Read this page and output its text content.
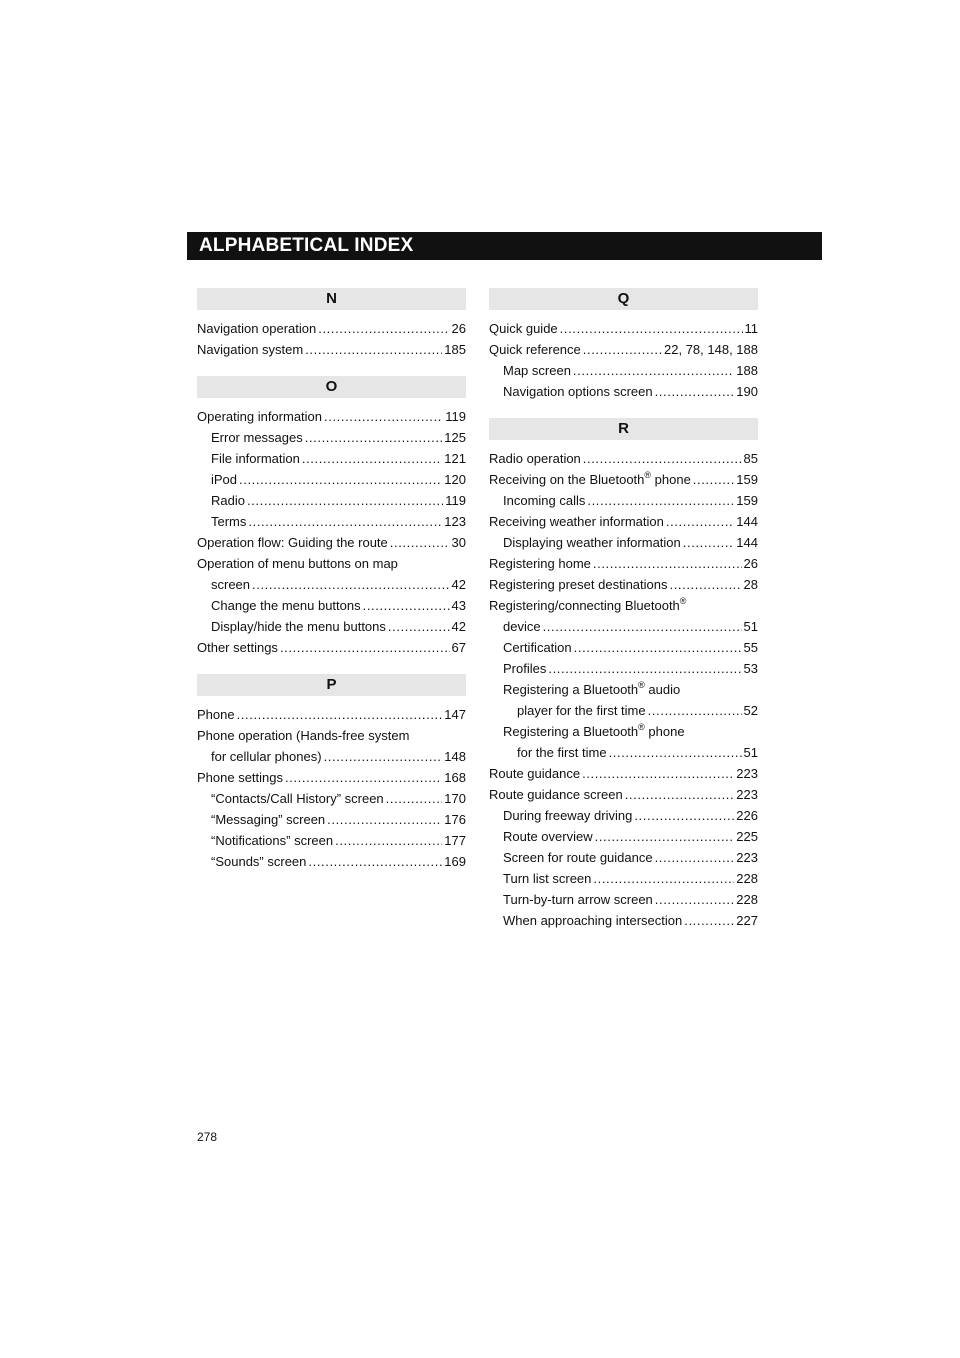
ALPHABETICAL INDEX
N
Navigation operation .....	26
Navigation system .....	185
O
Operating information .....	119
Error messages .....	125
File information .....	121
iPod .....	120
Radio .....	119
Terms .....	123
Operation flow: Guiding the route .....	30
Operation of menu buttons on map
screen .....	42
Change the menu buttons .....	43
Display/hide the menu buttons .....	42
Other settings .....	67
P
Phone .....	147
Phone operation (Hands-free system
for cellular phones) .....	148
Phone settings .....	168
“Contacts/Call History” screen .....	170
“Messaging” screen .....	176
“Notifications” screen .....	177
“Sounds” screen .....	169
Q
Quick guide .....	11
Quick reference .....	22, 78, 148, 188
Map screen .....	188
Navigation options screen .....	190
R
Radio operation .....	85
Receiving on the Bluetooth® phone .....	159
Incoming calls .....	159
Receiving weather information .....	144
Displaying weather information .....	144
Registering home .....	26
Registering preset destinations .....	28
Registering/connecting Bluetooth®
device .....	51
Certification .....	55
Profiles .....	53
Registering a Bluetooth® audio
player for the first time .....	52
Registering a Bluetooth® phone
for the first time .....	51
Route guidance .....	223
Route guidance screen .....	223
During freeway driving .....	226
Route overview .....	225
Screen for route guidance .....	223
Turn list screen .....	228
Turn-by-turn arrow screen .....	228
When approaching intersection .....	227
278
